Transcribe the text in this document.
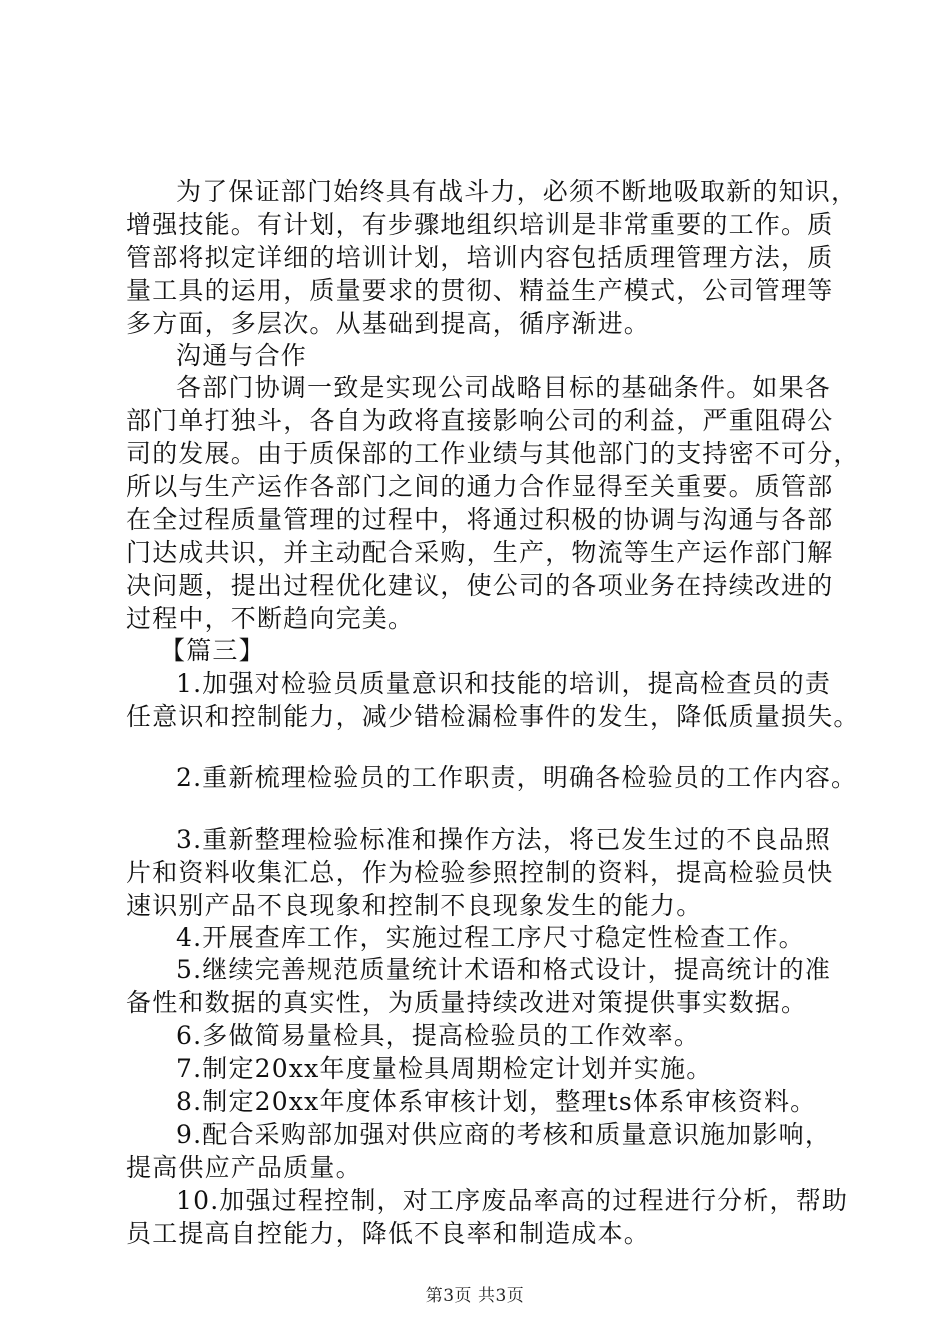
为了保证部门始终具有战斗力，必须不断地吸取新的知识，
增强技能。有计划，有步骤地组织培训是非常重要的工作。质
管部将拟定详细的培训计划，培训内容包括质理管理方法，质
量工具的运用，质量要求的贯彻、精益生产模式，公司管理等
多方面，多层次。从基础到提高，循序渐进。
沟通与合作
各部门协调一致是实现公司战略目标的基础条件。如果各
部门单打独斗，各自为政将直接影响公司的利益，严重阻碍公
司的发展。由于质保部的工作业绩与其他部门的支持密不可分，
所以与生产运作各部门之间的通力合作显得至关重要。质管部
在全过程质量管理的过程中，将通过积极的协调与沟通与各部
门达成共识，并主动配合采购，生产，物流等生产运作部门解
决问题，提出过程优化建议，使公司的各项业务在持续改进的
过程中，不断趋向完美。
【篇三】
1.加强对检验员质量意识和技能的培训，提高检查员的责
任意识和控制能力，减少错检漏检事件的发生，降低质量损失。
2.重新梳理检验员的工作职责，明确各检验员的工作内容。
3.重新整理检验标准和操作方法，将已发生过的不良品照
片和资料收集汇总，作为检验参照控制的资料，提高检验员快
速识别产品不良现象和控制不良现象发生的能力。
4.开展查库工作，实施过程工序尺寸稳定性检查工作。
5.继续完善规范质量统计术语和格式设计，提高统计的准
备性和数据的真实性，为质量持续改进对策提供事实数据。
6.多做简易量检具，提高检验员的工作效率。
7.制定20xx年度量检具周期检定计划并实施。
8.制定20xx年度体系审核计划，整理ts体系审核资料。
9.配合采购部加强对供应商的考核和质量意识施加影响，
提高供应产品质量。
10.加强过程控制，对工序废品率高的过程进行分析，帮助
员工提高自控能力，降低不良率和制造成本。
第3页 共3页
